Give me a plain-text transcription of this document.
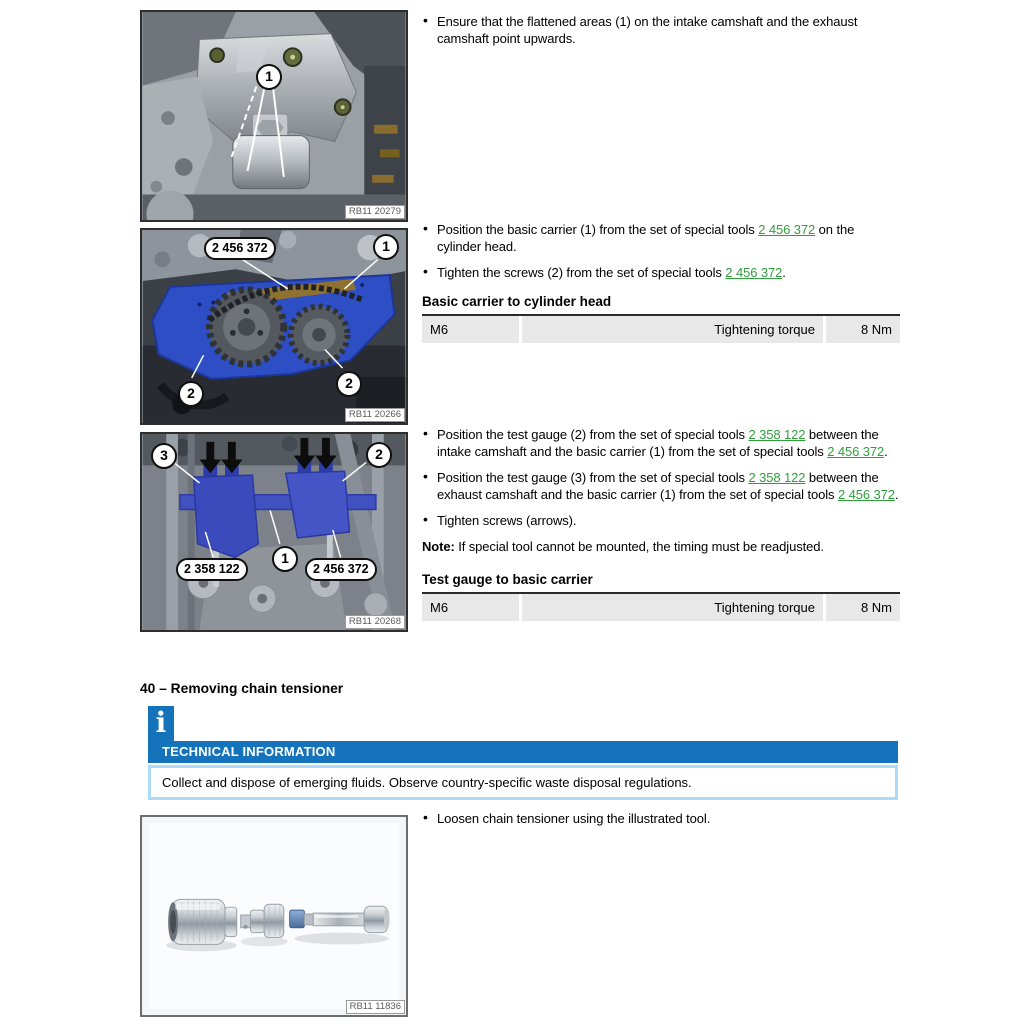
1
RB11 20279
2 456 372	1
2
2
RB11 20266
3	2
1
2 358 122	2 456 372
RB11 20268
RB11 11836
• Ensure that the flattened areas (1) on the intake camshaft and the exhaust camshaft point upwards.
• Position the basic carrier (1) from the set of special tools 2 456 372 on the cylinder head.
• Tighten the screws (2) from the set of special tools 2 456 372.
Basic carrier to cylinder head
M6	Tightening torque	8 Nm
• Position the test gauge (2) from the set of special tools 2 358 122 between the intake camshaft and the basic carrier (1) from the set of special tools 2 456 372.
• Position the test gauge (3) from the set of special tools 2 358 122 between the exhaust camshaft and the basic carrier (1) from the set of special tools 2 456 372.
• Tighten screws (arrows).

Note: If special tool cannot be mounted, the timing must be readjusted.

Test gauge to basic carrier
M6	Tightening torque	8 Nm
40 – Removing chain tensioner
i
TECHNICAL INFORMATION
Collect and dispose of emerging fluids. Observe country-specific waste disposal regulations.
• Loosen chain tensioner using the illustrated tool.
